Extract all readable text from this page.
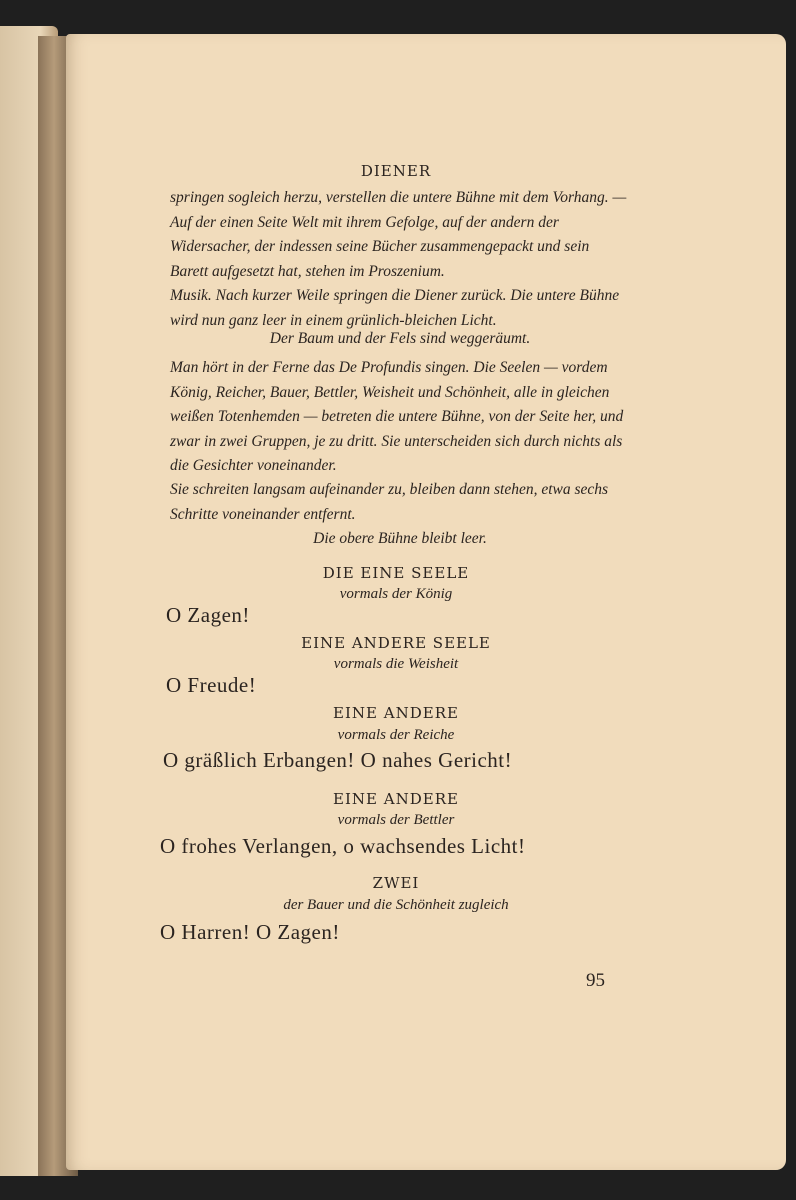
DIENER
springen sogleich herzu, verstellen die untere Bühne mit dem Vorhang. — Auf der einen Seite Welt mit ihrem Gefolge, auf der andern der Widersacher, der indessen seine Bücher zusammengepackt und sein Barett aufgesetzt hat, stehen im Proszenium.
Musik. Nach kurzer Weile springen die Diener zurück. Die untere Bühne wird nun ganz leer in einem grünlich-bleichen Licht.
Der Baum und der Fels sind weggeräumt.
Man hört in der Ferne das De Profundis singen. Die Seelen — vordem König, Reicher, Bauer, Bettler, Weisheit und Schönheit, alle in gleichen weißen Totenhemden — betreten die untere Bühne, von der Seite her, und zwar in zwei Gruppen, je zu dritt. Sie unterscheiden sich durch nichts als die Gesichter voneinander.
Sie schreiten langsam aufeinander zu, bleiben dann stehen, etwa sechs Schritte voneinander entfernt.
Die obere Bühne bleibt leer.
DIE EINE SEELE
vormals der König
O Zagen!
EINE ANDERE SEELE
vormals die Weisheit
O Freude!
EINE ANDERE
vormals der Reiche
O gräßlich Erbangen! O nahes Gericht!
EINE ANDERE
vormals der Bettler
O frohes Verlangen, o wachsendes Licht!
ZWEI
der Bauer und die Schönheit zugleich
O Harren! O Zagen!
95
